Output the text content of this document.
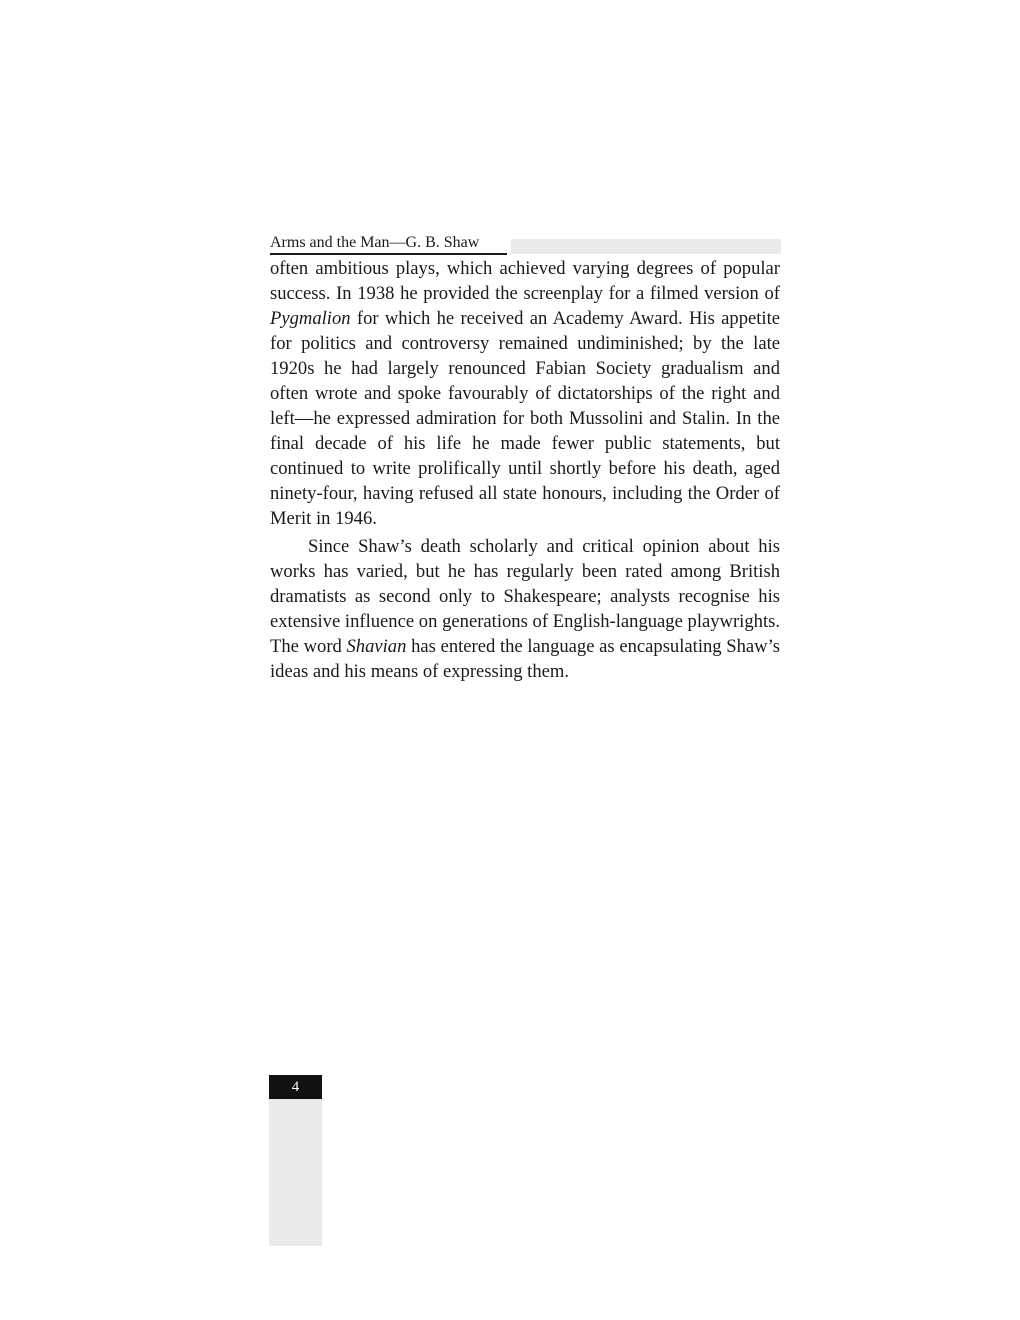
Arms and the Man—G. B. Shaw

often ambitious plays, which achieved varying degrees of popular success. In 1938 he provided the screenplay for a filmed version of Pygmalion for which he received an Academy Award. His appetite for politics and controversy remained undiminished; by the late 1920s he had largely renounced Fabian Society gradualism and often wrote and spoke favourably of dictatorships of the right and left—he expressed admiration for both Mussolini and Stalin. In the final decade of his life he made fewer public statements, but continued to write prolifically until shortly before his death, aged ninety-four, having refused all state honours, including the Order of Merit in 1946.

Since Shaw’s death scholarly and critical opinion about his works has varied, but he has regularly been rated among British dramatists as second only to Shakespeare; analysts recognise his extensive influence on generations of English-language playwrights. The word Shavian has entered the language as encapsulating Shaw’s ideas and his means of expressing them.

4
